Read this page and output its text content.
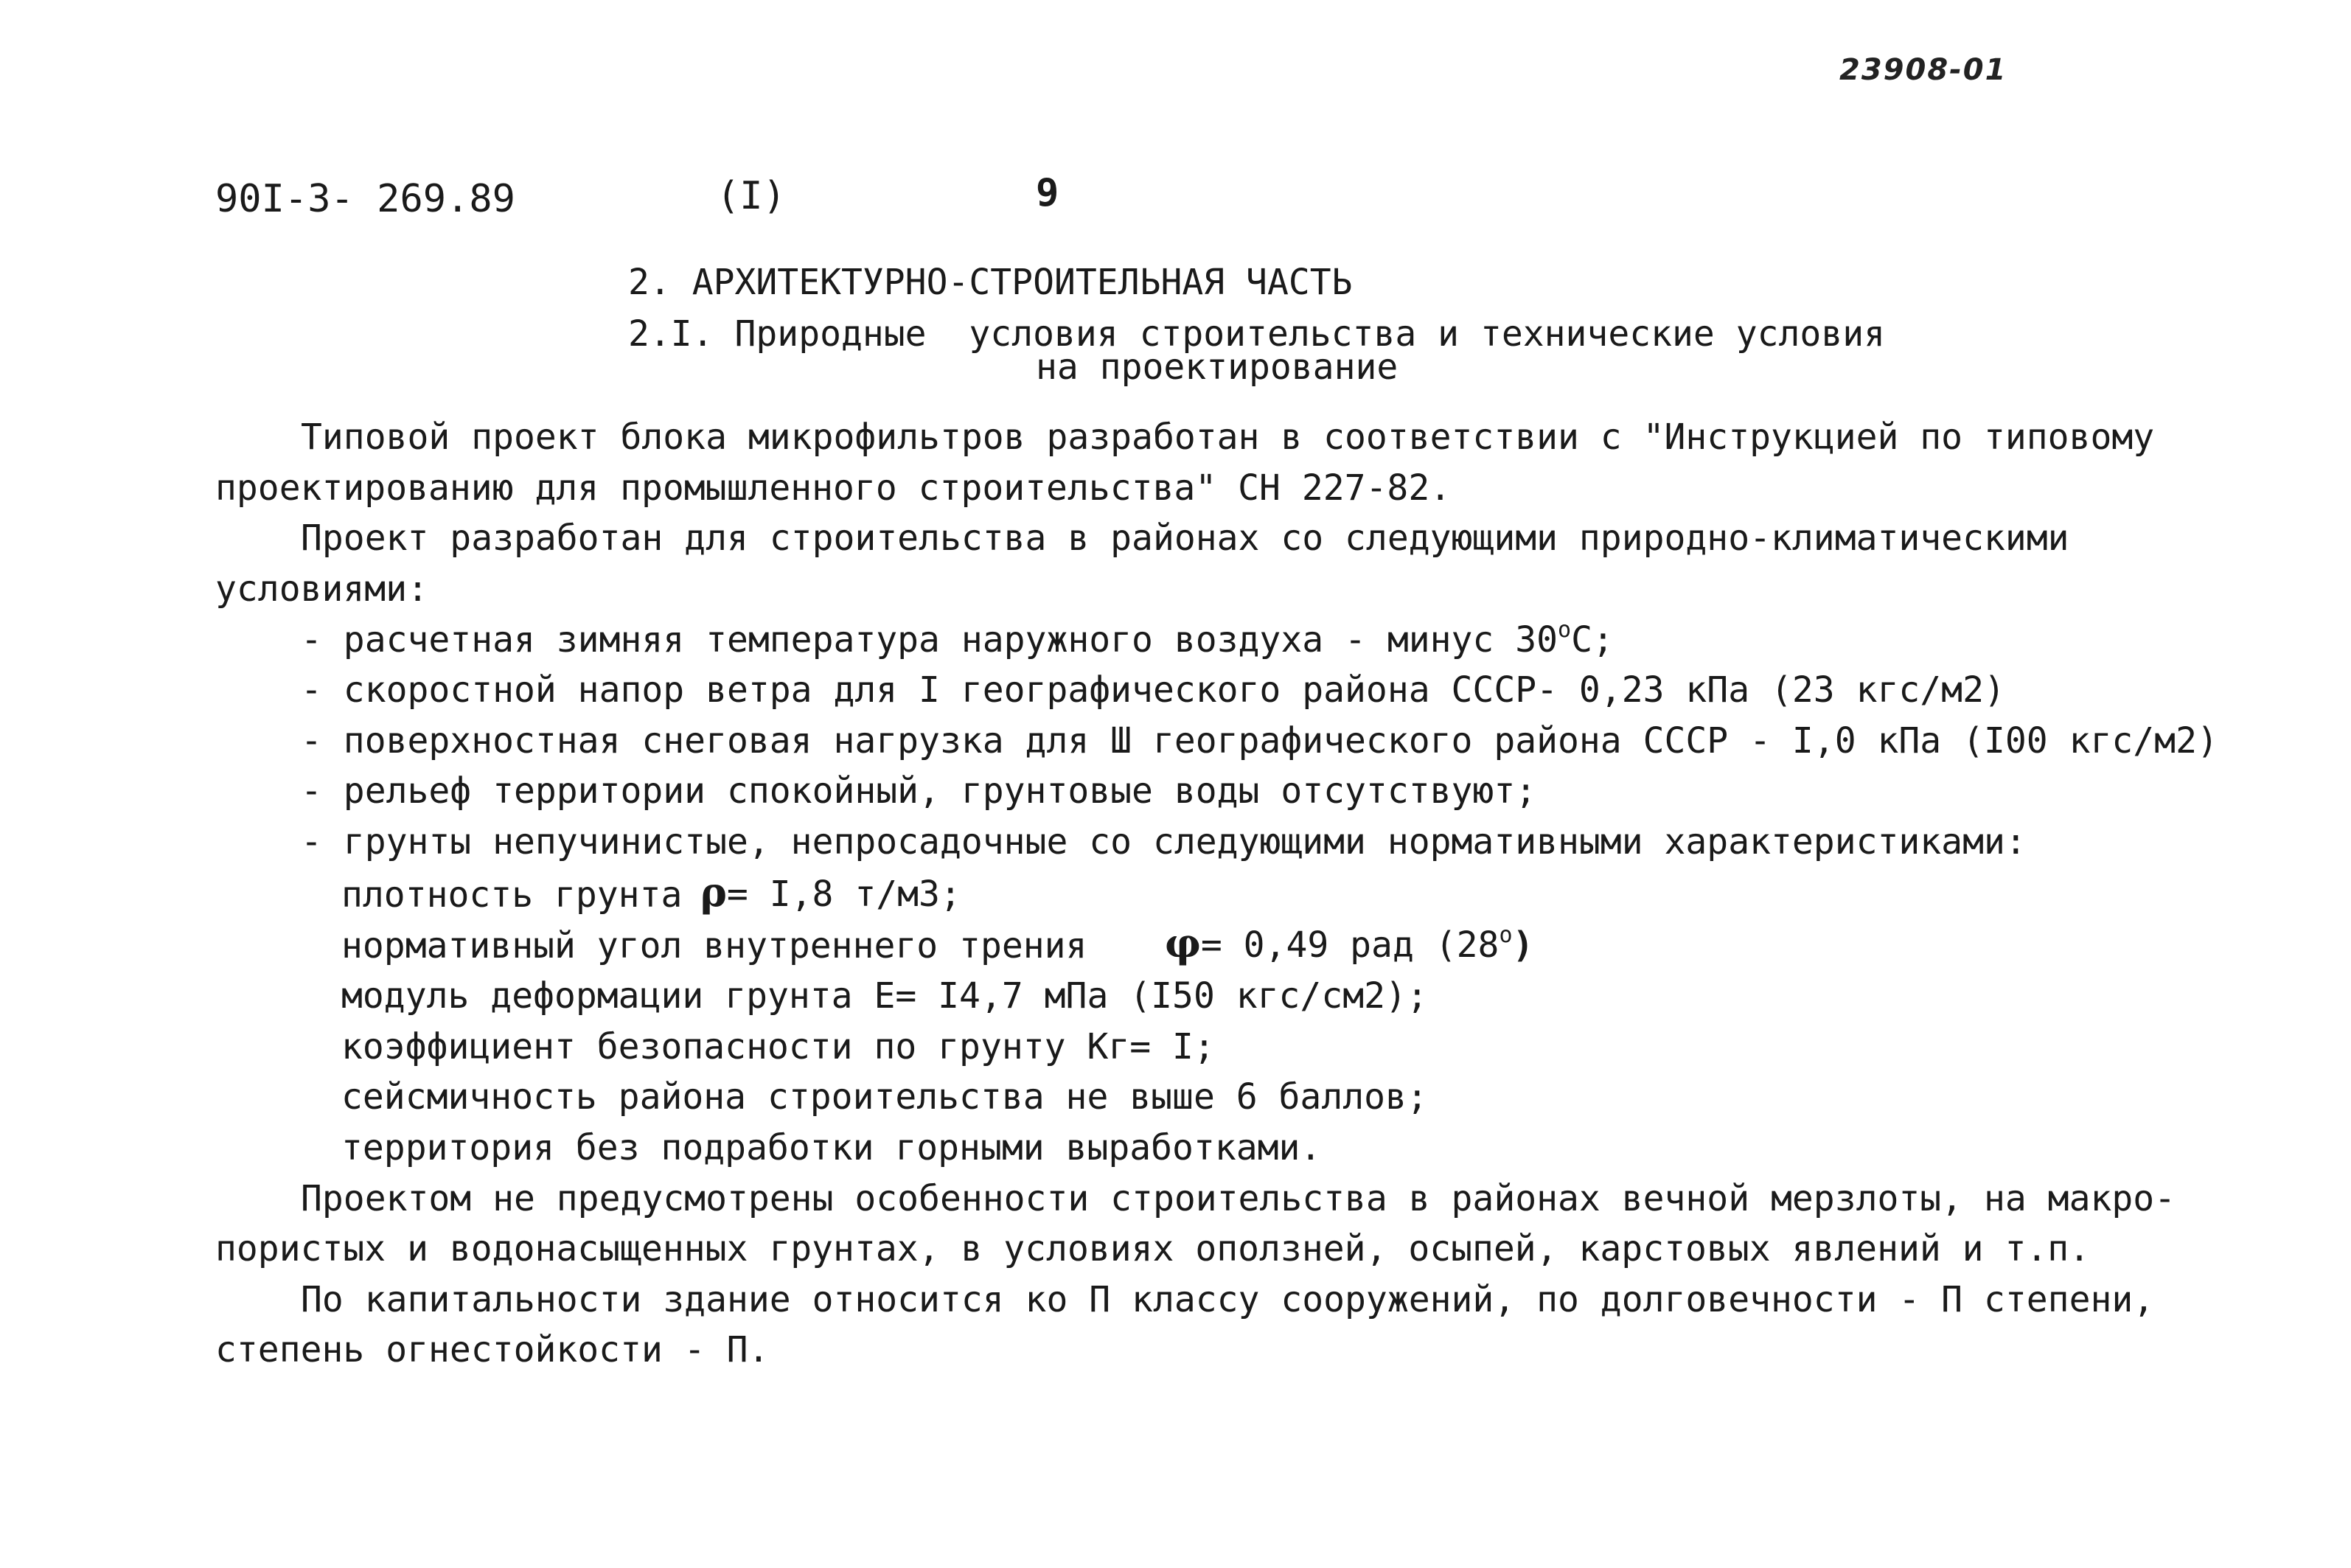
23908-01
90I-3- 269.89	(I)	9
2. АРХИТЕКТУРНО-СТРОИТЕЛЬНАЯ ЧАСТЬ
2.I. Природные  условия строительства и технические условия
на проектирование
Типовой проект блока микрофильтров разработан в соответствии с "Инструкцией по типовому
проектированию для промышленного строительства" СН 227-82.
Проект разработан для строительства в районах со следующими природно-климатическими
условиями:
- расчетная зимняя температура наружного воздуха - минус 30$^o$C;
- скоростной напор ветра для I географического района СССР- 0,23 кПа (23 кгс/м2)
- поверхностная снеговая нагрузка для Ш географического района СССР - I,0 кПа (I00 кгс/м2)
- рельеф территории спокойный, грунтовые воды отсутствуют;
- грунты непучинистые, непросадочные со следующими нормативными характеристиками:
плотность грунта ρ= I,8 т/м3;
нормативный угол внутреннего трения φ= 0,49 рад (28$^o$)
модуль деформации грунта Е= I4,7 мПа (I50 кгс/см2);
коэффициент безопасности по грунту Кг= I;
сейсмичность района строительства не выше 6 баллов;
территория без подработки горными выработками.
Проектом не предусмотрены особенности строительства в районах вечной мерзлоты, на макро-
пористых и водонасыщенных грунтах, в условиях оползней, осыпей, карстовых явлений и т.п.
По капитальности здание относится ко П классу сооружений, по долговечности - П степени,
степень огнестойкости - П.
